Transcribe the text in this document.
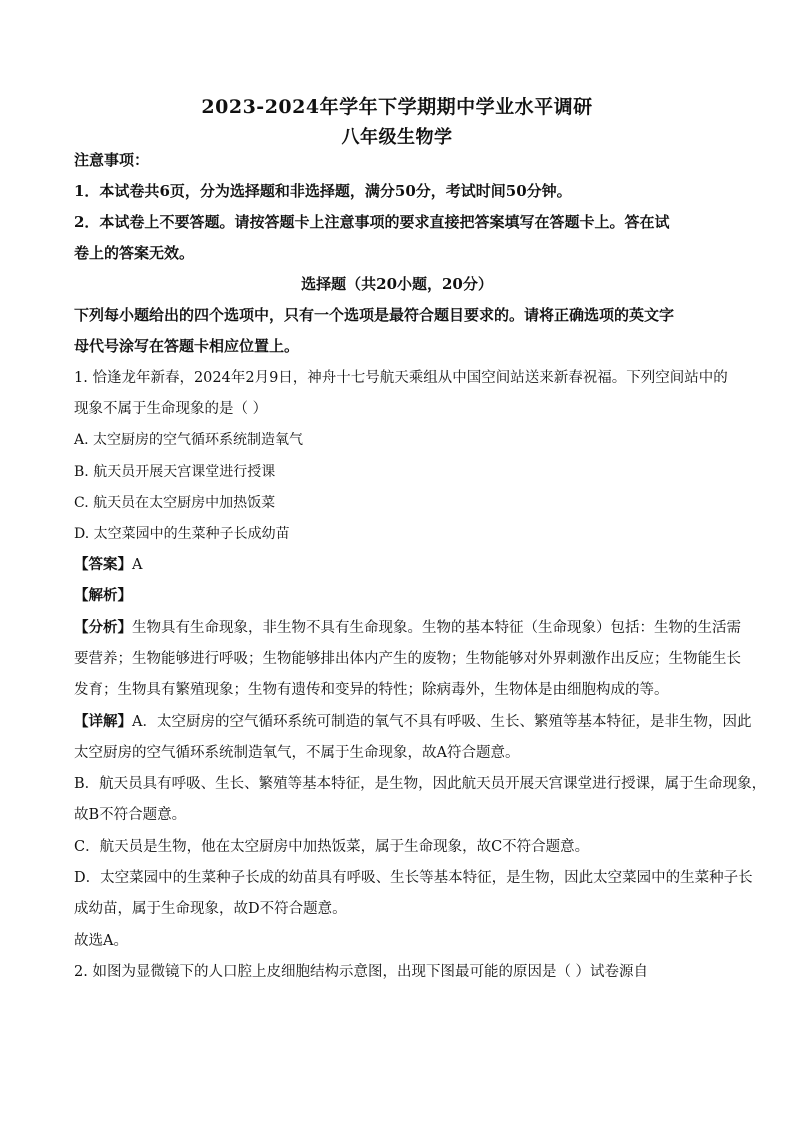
2023-2024年学年下学期期中学业水平调研
八年级生物学
注意事项：
1．本试卷共6页，分为选择题和非选择题，满分50分，考试时间50分钟。
2．本试卷上不要答题。请按答题卡上注意事项的要求直接把答案填写在答题卡上。答在试
卷上的答案无效。
选择题（共20小题，20分）
下列每小题给出的四个选项中，只有一个选项是最符合题目要求的。请将正确选项的英文字
母代号涂写在答题卡相应位置上。
1. 恰逢龙年新春，2024年2月9日，神舟十七号航天乘组从中国空间站送来新春祝福。下列空间站中的
现象不属于生命现象的是（ ）
A. 太空厨房的空气循环系统制造氧气
B. 航天员开展天宫课堂进行授课
C. 航天员在太空厨房中加热饭菜
D. 太空菜园中的生菜种子长成幼苗
【答案】A
【解析】
【分析】生物具有生命现象，非生物不具有生命现象。生物的基本特征（生命现象）包括：生物的生活需
要营养；生物能够进行呼吸；生物能够排出体内产生的废物；生物能够对外界刺激作出反应；生物能生长
发育；生物具有繁殖现象；生物有遗传和变异的特性；除病毒外，生物体是由细胞构成的等。
【详解】A．太空厨房的空气循环系统可制造的氧气不具有呼吸、生长、繁殖等基本特征，是非生物，因此
太空厨房的空气循环系统制造氧气，不属于生命现象，故A符合题意。
B．航天员具有呼吸、生长、繁殖等基本特征，是生物，因此航天员开展天宫课堂进行授课，属于生命现象，
故B不符合题意。
C．航天员是生物，他在太空厨房中加热饭菜，属于生命现象，故C不符合题意。
D．太空菜园中的生菜种子长成的幼苗具有呼吸、生长等基本特征，是生物，因此太空菜园中的生菜种子长
成幼苗，属于生命现象，故D不符合题意。
故选A。
2. 如图为显微镜下的人口腔上皮细胞结构示意图，出现下图最可能的原因是（ ）试卷源自
